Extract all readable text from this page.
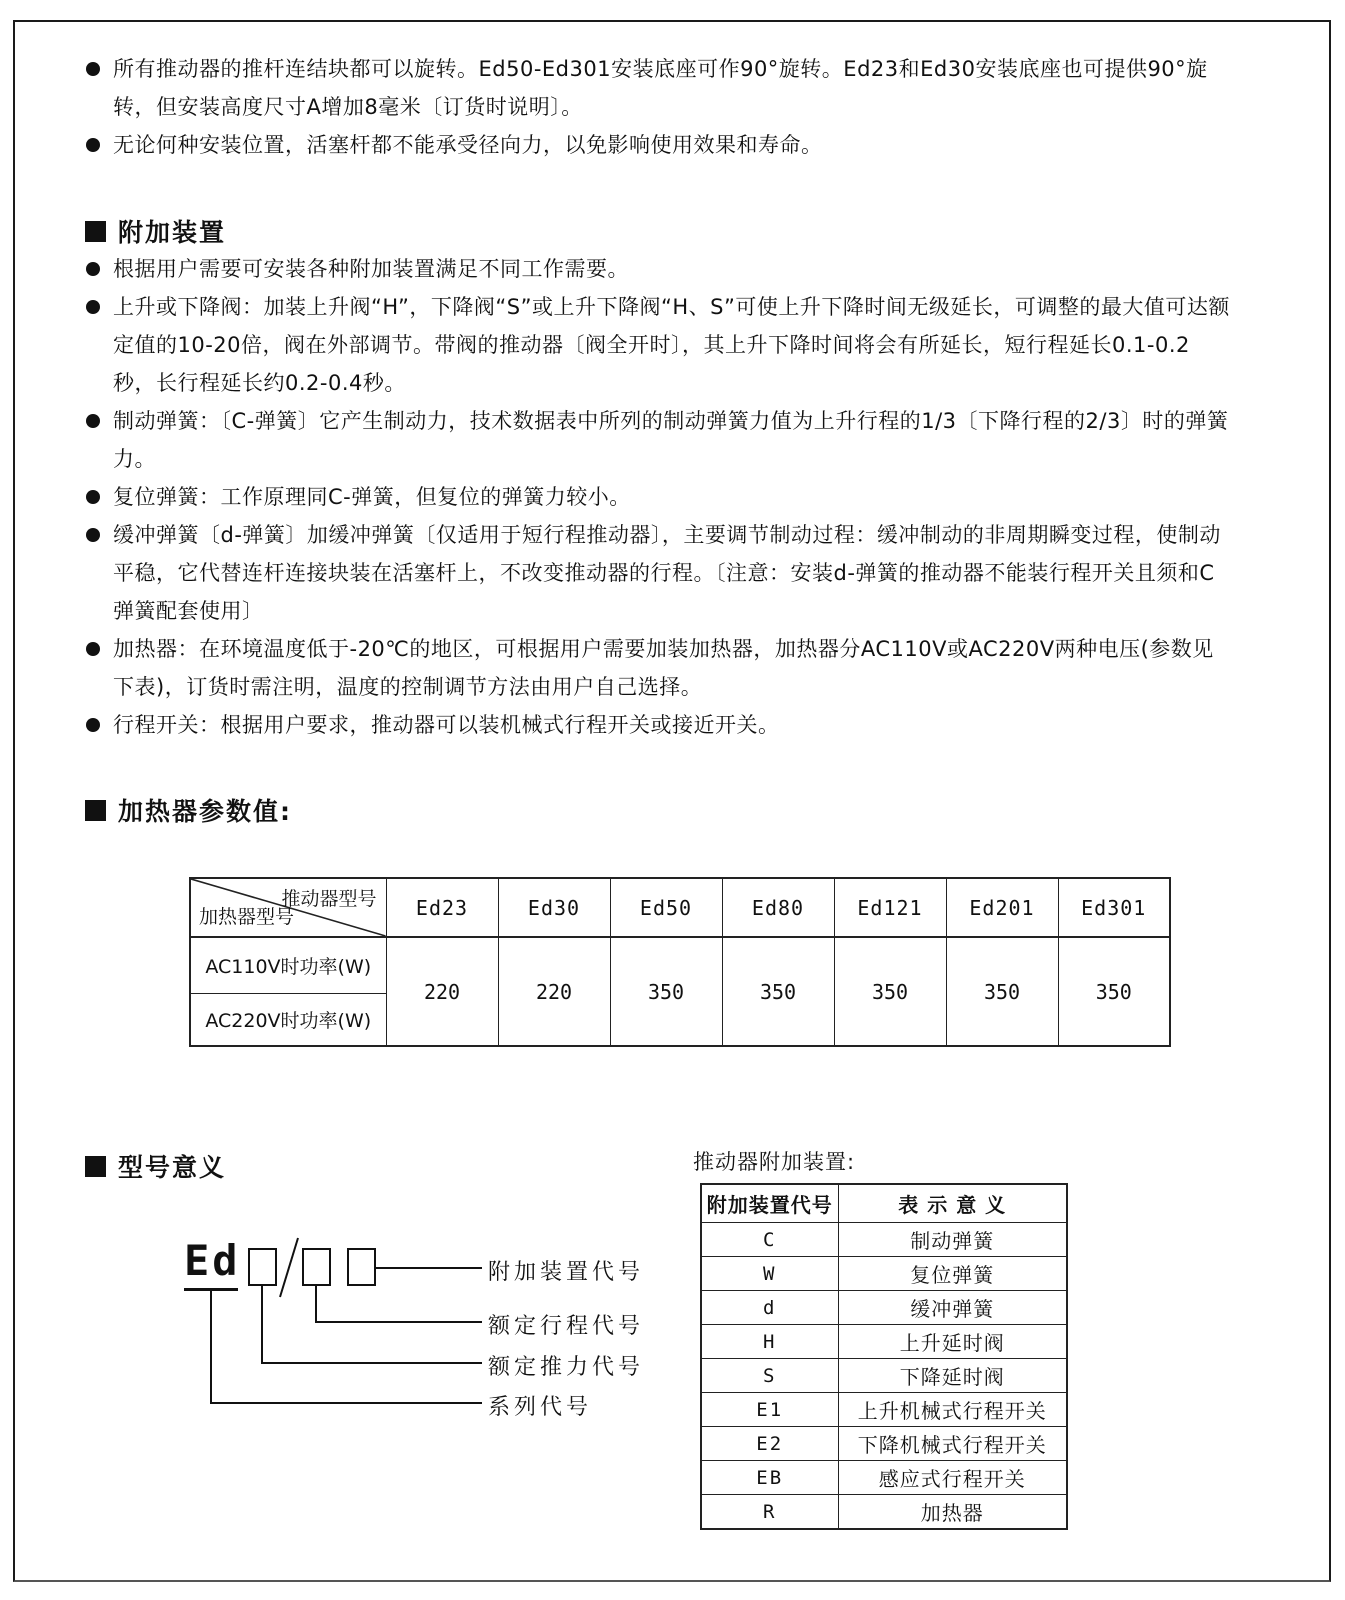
所有推动器的推杆连结块都可以旋转。Ed50-Ed301安装底座可作90°旋转。Ed23和Ed30安装底座也可提供90°旋转，但安装高度尺寸A增加8毫米〔订货时说明〕。
无论何种安装位置，活塞杆都不能承受径向力，以免影响使用效果和寿命。
附加装置
根据用户需要可安装各种附加装置满足不同工作需要。
上升或下降阀：加装上升阀“H”，下降阀“S”或上升下降阀“H、S”可使上升下降时间无级延长，可调整的最大值可达额定值的10-20倍，阀在外部调节。带阀的推动器〔阀全开时〕，其上升下降时间将会有所延长，短行程延长0.1-0.2秒，长行程延长约0.2-0.4秒。
制动弹簧：〔C-弹簧〕它产生制动力，技术数据表中所列的制动弹簧力值为上升行程的1/3〔下降行程的2/3〕时的弹簧力。
复位弹簧：工作原理同C-弹簧，但复位的弹簧力较小。
缓冲弹簧〔d-弹簧〕加缓冲弹簧〔仅适用于短行程推动器〕，主要调节制动过程：缓冲制动的非周期瞬变过程，使制动平稳，它代替连杆连接块装在活塞杆上，不改变推动器的行程。〔注意：安装d-弹簧的推动器不能装行程开关且须和C弹簧配套使用〕
加热器：在环境温度低于-20℃的地区，可根据用户需要加装加热器，加热器分AC110V或AC220V两种电压(参数见下表)，订货时需注明，温度的控制调节方法由用户自己选择。
行程开关：根据用户要求，推动器可以装机械式行程开关或接近开关。
加热器参数值:
推动器型号
加热器型号	Ed23	Ed30	Ed50	Ed80	Ed121	Ed201	Ed301
AC110V时功率(W)	220	220	350	350	350	350	350
AC220V时功率(W)							
型号意义
Ed	附加装置代号
额定行程代号
额定推力代号
系列代号
推动器附加装置:
附加装置代号	表 示 意 义
C	制动弹簧
W	复位弹簧
d	缓冲弹簧
H	上升延时阀
S	下降延时阀
E1	上升机械式行程开关
E2	下降机械式行程开关
EB	感应式行程开关
R	加热器
